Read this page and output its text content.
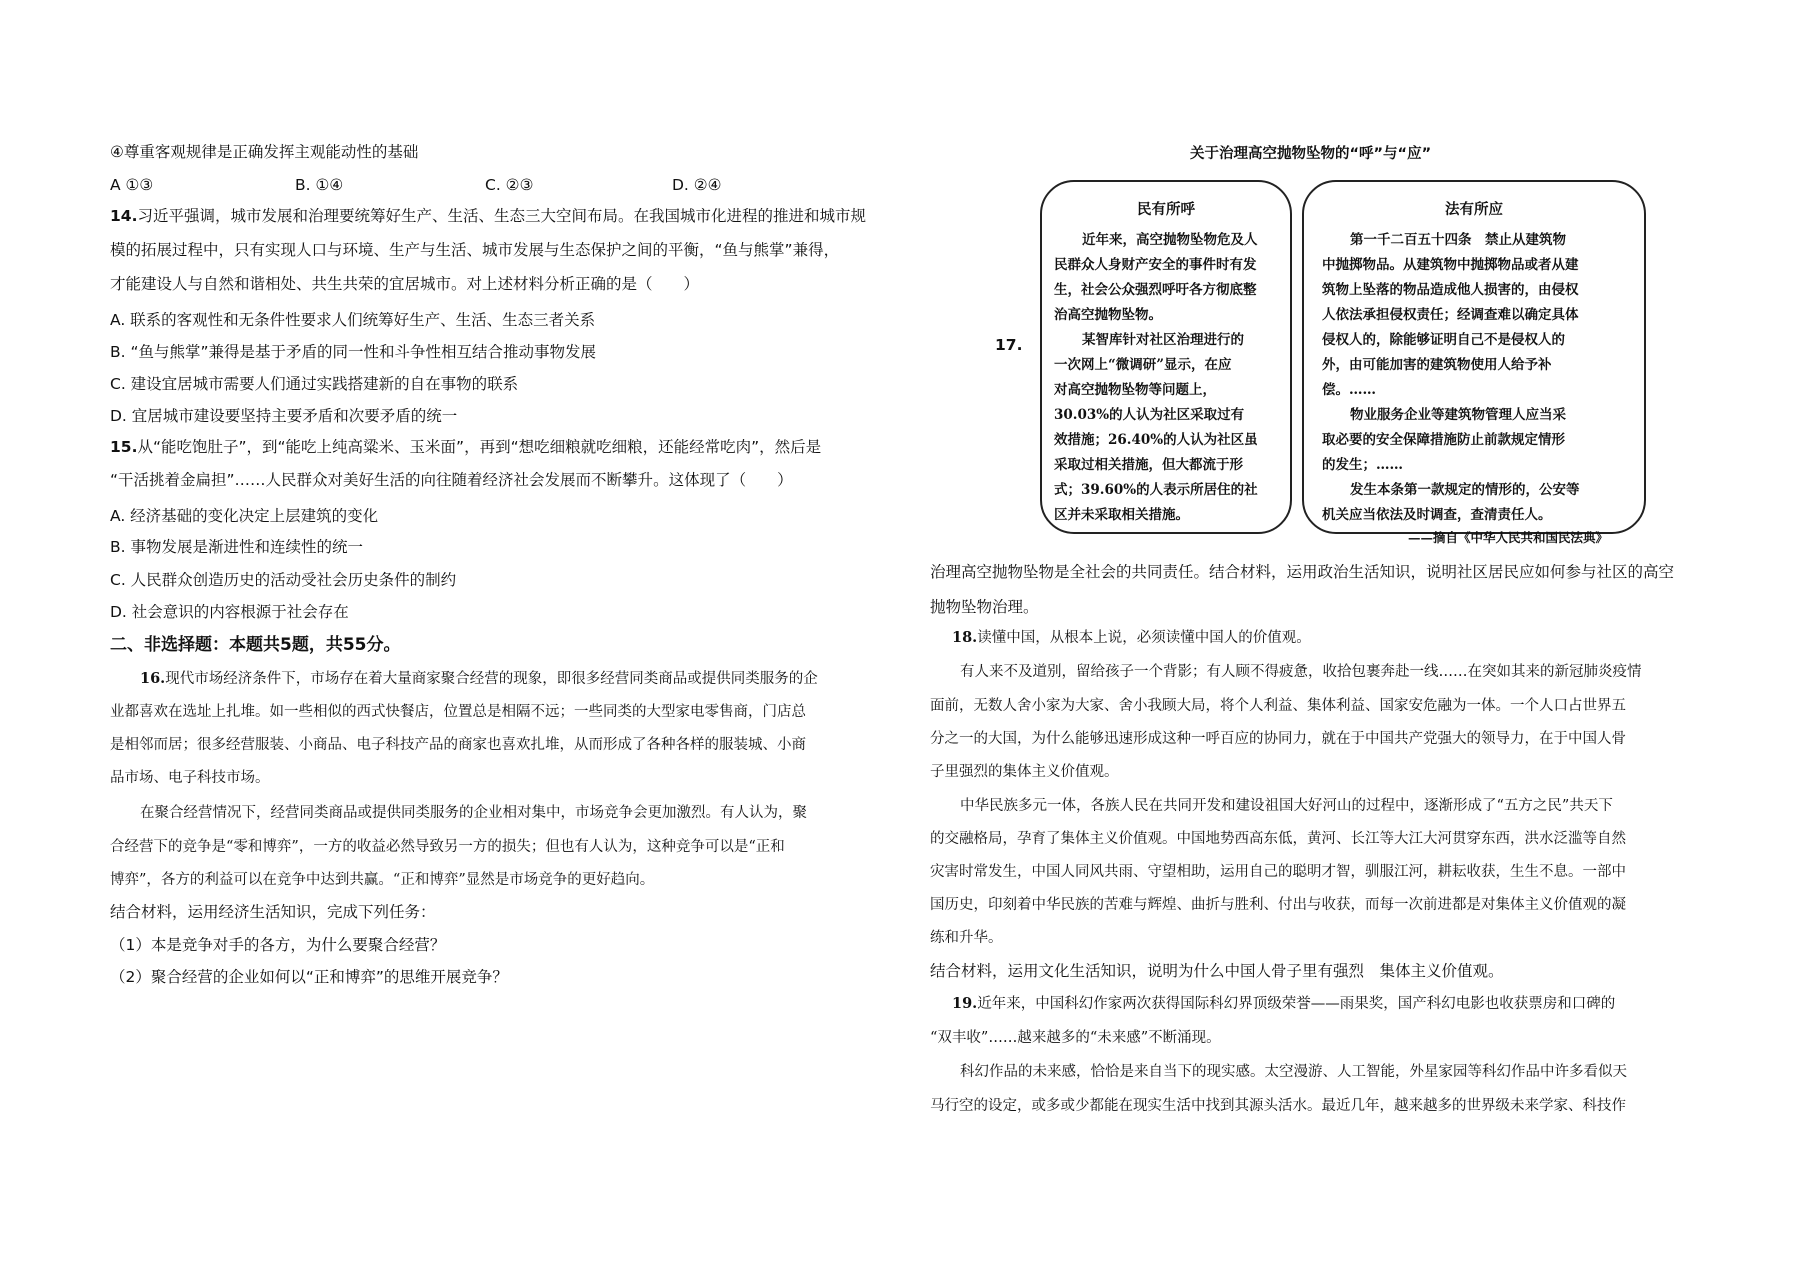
④尊重客观规律是正确发挥主观能动性的基础
A ①③	B. ①④	C. ②③	D. ②④
14.习近平强调，城市发展和治理要统筹好生产、生活、生态三大空间布局。在我国城市化进程的推进和城市规
模的拓展过程中，只有实现人口与环境、生产与生活、城市发展与生态保护之间的平衡，“鱼与熊掌”兼得，
才能建设人与自然和谐相处、共生共荣的宜居城市。对上述材料分析正确的是（　　）
A. 联系的客观性和无条件性要求人们统筹好生产、生活、生态三者关系
B. “鱼与熊掌”兼得是基于矛盾的同一性和斗争性相互结合推动事物发展
C. 建设宜居城市需要人们通过实践搭建新的自在事物的联系
D. 宜居城市建设要坚持主要矛盾和次要矛盾的统一
15.从“能吃饱肚子”，到“能吃上纯高粱米、玉米面”，再到“想吃细粮就吃细粮，还能经常吃肉”，然后是
“干活挑着金扁担”……人民群众对美好生活的向往随着经济社会发展而不断攀升。这体现了（　　）
A. 经济基础的变化决定上层建筑的变化
B. 事物发展是渐进性和连续性的统一
C. 人民群众创造历史的活动受社会历史条件的制约
D. 社会意识的内容根源于社会存在
二、非选择题：本题共5题，共55分。
16.现代市场经济条件下，市场存在着大量商家聚合经营的现象，即很多经营同类商品或提供同类服务的企
业都喜欢在选址上扎堆。如一些相似的西式快餐店，位置总是相隔不远；一些同类的大型家电零售商，门店总
是相邻而居；很多经营服装、小商品、电子科技产品的商家也喜欢扎堆，从而形成了各种各样的服装城、小商
品市场、电子科技市场。
在聚合经营情况下，经营同类商品或提供同类服务的企业相对集中，市场竞争会更加激烈。有人认为，聚
合经营下的竞争是“零和博弈”，一方的收益必然导致另一方的损失；但也有人认为，这种竞争可以是“正和
博弈”，各方的利益可以在竞争中达到共赢。“正和博弈”显然是市场竞争的更好趋向。
结合材料，运用经济生活知识，完成下列任务：
（1）本是竞争对手的各方，为什么要聚合经营？
（2）聚合经营的企业如何以“正和博弈”的思维开展竞争？
关于治理高空抛物坠物的“呼”与“应”
17.
民有所呼
近年来，高空抛物坠物危及人
民群众人身财产安全的事件时有发
生，社会公众强烈呼吁各方彻底整
治高空抛物坠物。
某智库针对社区治理进行的
一次网上“微调研”显示，在应
对高空抛物坠物等问题上，
30.03%的人认为社区采取过有
效措施；26.40%的人认为社区虽
采取过相关措施，但大都流于形
式；39.60%的人表示所居住的社
区并未采取相关措施。
法有所应
第一千二百五十四条　禁止从建筑物
中抛掷物品。从建筑物中抛掷物品或者从建
筑物上坠落的物品造成他人损害的，由侵权
人依法承担侵权责任；经调查难以确定具体
侵权人的，除能够证明自己不是侵权人的
外，由可能加害的建筑物使用人给予补
偿。……
物业服务企业等建筑物管理人应当采
取必要的安全保障措施防止前款规定情形
的发生；……
发生本条第一款规定的情形的，公安等
机关应当依法及时调查，查清责任人。
——摘自《中华人民共和国民法典》
治理高空抛物坠物是全社会的共同责任。结合材料，运用政治生活知识，说明社区居民应如何参与社区的高空
抛物坠物治理。
18.读懂中国，从根本上说，必须读懂中国人的价值观。
有人来不及道别，留给孩子一个背影；有人顾不得疲惫，收拾包裹奔赴一线……在突如其来的新冠肺炎疫情
面前，无数人舍小家为大家、舍小我顾大局，将个人利益、集体利益、国家安危融为一体。一个人口占世界五
分之一的大国，为什么能够迅速形成这种一呼百应的协同力，就在于中国共产党强大的领导力，在于中国人骨
子里强烈的集体主义价值观。
中华民族多元一体，各族人民在共同开发和建设祖国大好河山的过程中，逐渐形成了“五方之民”共天下
的交融格局，孕育了集体主义价值观。中国地势西高东低，黄河、长江等大江大河贯穿东西，洪水泛滥等自然
灾害时常发生，中国人同风共雨、守望相助，运用自己的聪明才智，驯服江河，耕耘收获，生生不息。一部中
国历史，印刻着中华民族的苦难与辉煌、曲折与胜利、付出与收获，而每一次前进都是对集体主义价值观的凝
练和升华。
结合材料，运用文化生活知识，说明为什么中国人骨子里有强烈　集体主义价值观。
19.近年来，中国科幻作家两次获得国际科幻界顶级荣誉——雨果奖，国产科幻电影也收获票房和口碑的
“双丰收”……越来越多的“未来感”不断涌现。
科幻作品的未来感，恰恰是来自当下的现实感。太空漫游、人工智能，外星家园等科幻作品中许多看似天
马行空的设定，或多或少都能在现实生活中找到其源头活水。最近几年，越来越多的世界级未来学家、科技作
